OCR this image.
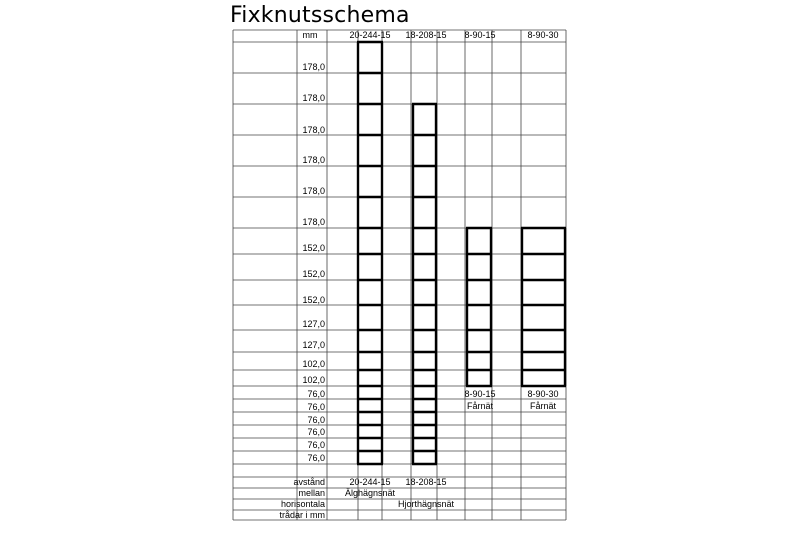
Fixknutsschema
mm	20-244-15 18-208-15 8-90-15	8-90-30
178,0
178,0
178,0
178,0
178,0
178,0
152,0
152,0
152,0
127,0
127,0
102,0
102,0
76,0
76,0
76,0
76,0
76,0
76,0
8-90-15
Fårnät
8-90-30
Fårnät
avstånd
mellan
horisontala
trådar i mm
20-244-15
Älghägnsnät
18-208-15
Hjorthägnsnät
